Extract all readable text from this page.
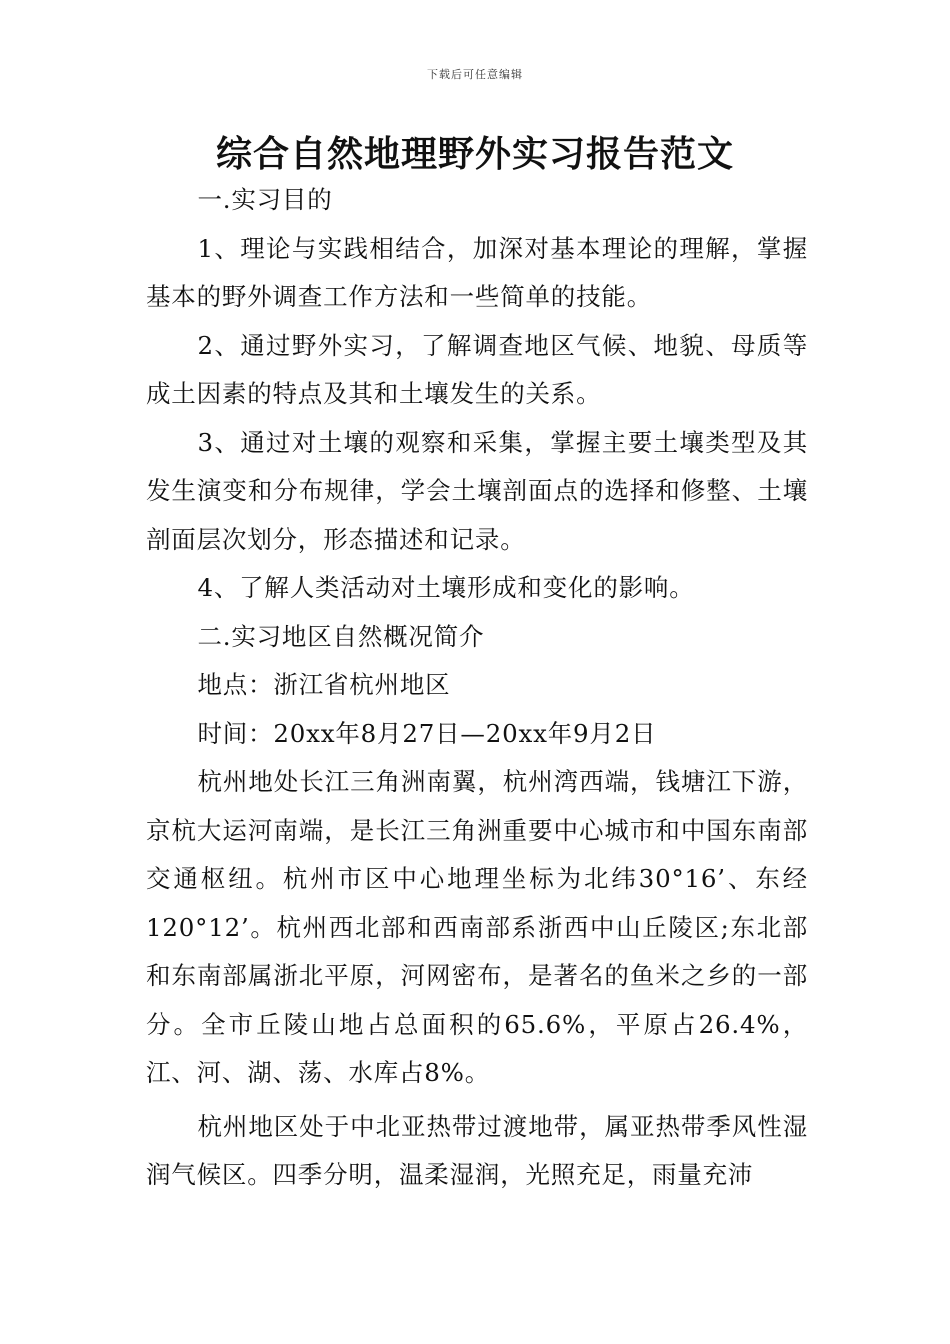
下载后可任意编辑
综合自然地理野外实习报告范文

一.实习目的

1、理论与实践相结合，加深对基本理论的理解，掌握基本的野外调查工作方法和一些简单的技能。

2、通过野外实习，了解调查地区气候、地貌、母质等成土因素的特点及其和土壤发生的关系。

3、通过对土壤的观察和采集，掌握主要土壤类型及其发生演变和分布规律，学会土壤剖面点的选择和修整、土壤剖面层次划分，形态描述和记录。

4、了解人类活动对土壤形成和变化的影响。

二.实习地区自然概况简介

地点：浙江省杭州地区

时间：20xx年8月27日—20xx年9月2日

杭州地处长江三角洲南翼，杭州湾西端，钱塘江下游，京杭大运河南端，是长江三角洲重要中心城市和中国东南部交通枢纽。杭州市区中心地理坐标为北纬30°16’、东经120°12’。杭州西北部和西南部系浙西中山丘陵区;东北部和东南部属浙北平原，河网密布，是著名的鱼米之乡的一部分。全市丘陵山地占总面积的65.6%，平原占26.4%，江、河、湖、荡、水库占8%。

杭州地区处于中北亚热带过渡地带，属亚热带季风性湿润气候区。四季分明，温柔湿润，光照充足，雨量充沛
